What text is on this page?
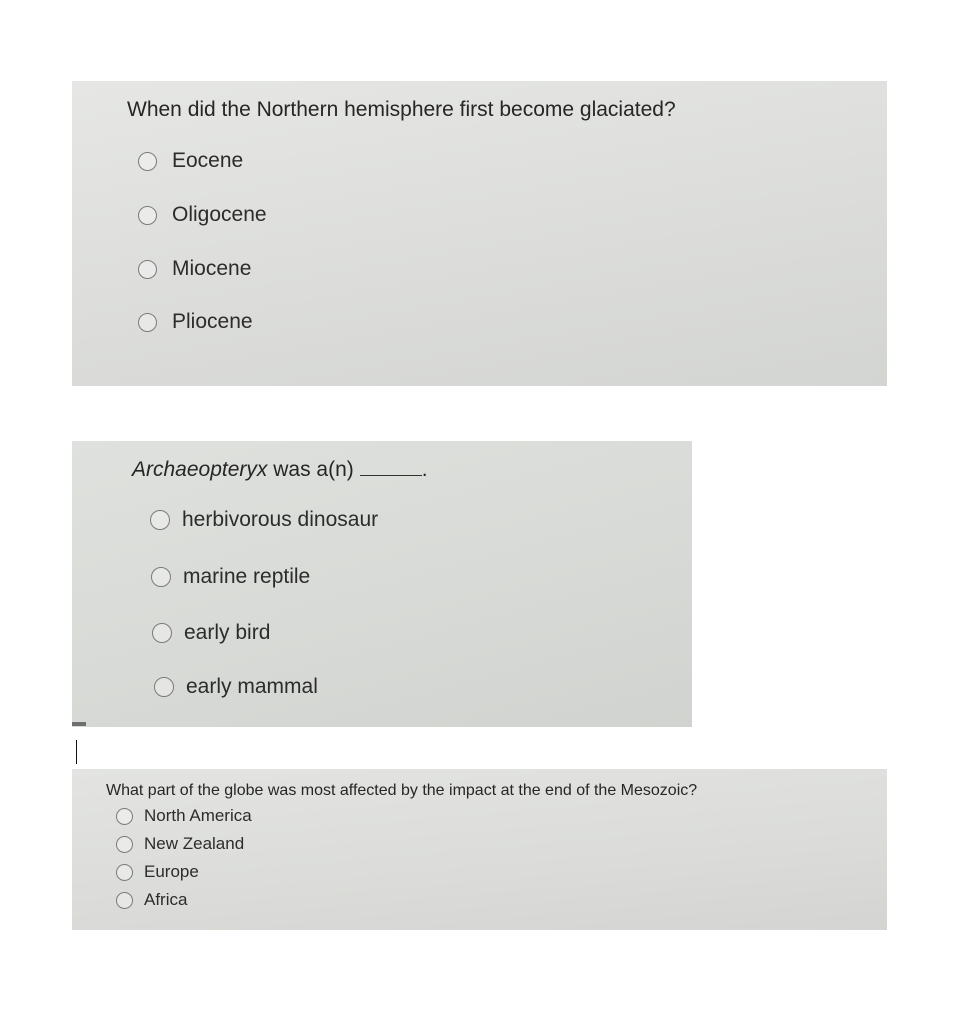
When did the Northern hemisphere first become glaciated?
Eocene
Oligocene
Miocene
Pliocene
Archaeopteryx was a(n)	.
herbivorous dinosaur
marine reptile
early bird
early mammal
What part of the globe was most affected by the impact at the end of the Mesozoic?
North America
New Zealand
Europe
Africa
